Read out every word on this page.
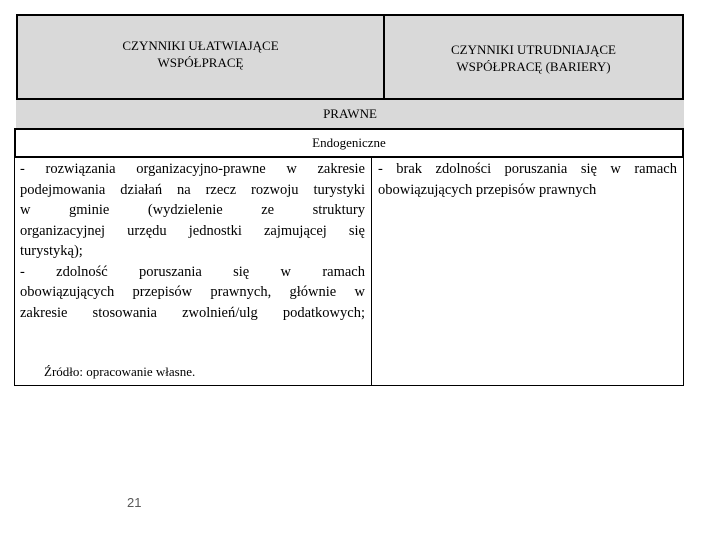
CZYNNIKI UŁATWIAJĄCE
WSPÓŁPRACĘ
CZYNNIKI UTRUDNIAJĄCE
WSPÓŁPRACĘ (BARIERY)
PRAWNE
Endogeniczne
- rozwiązania organizacyjno-prawne w zakresie
podejmowania działań na rzecz rozwoju turystyki
w gminie (wydzielenie ze struktury
organizacyjnej urzędu jednostki zajmującej się
turystyką);
- zdolność poruszania się w ramach
obowiązujących przepisów prawnych, głównie w
zakresie stosowania zwolnień/ulg podatkowych;
Źródło: opracowanie własne.
- brak zdolności poruszania się w ramach
obowiązujących przepisów prawnych
21
